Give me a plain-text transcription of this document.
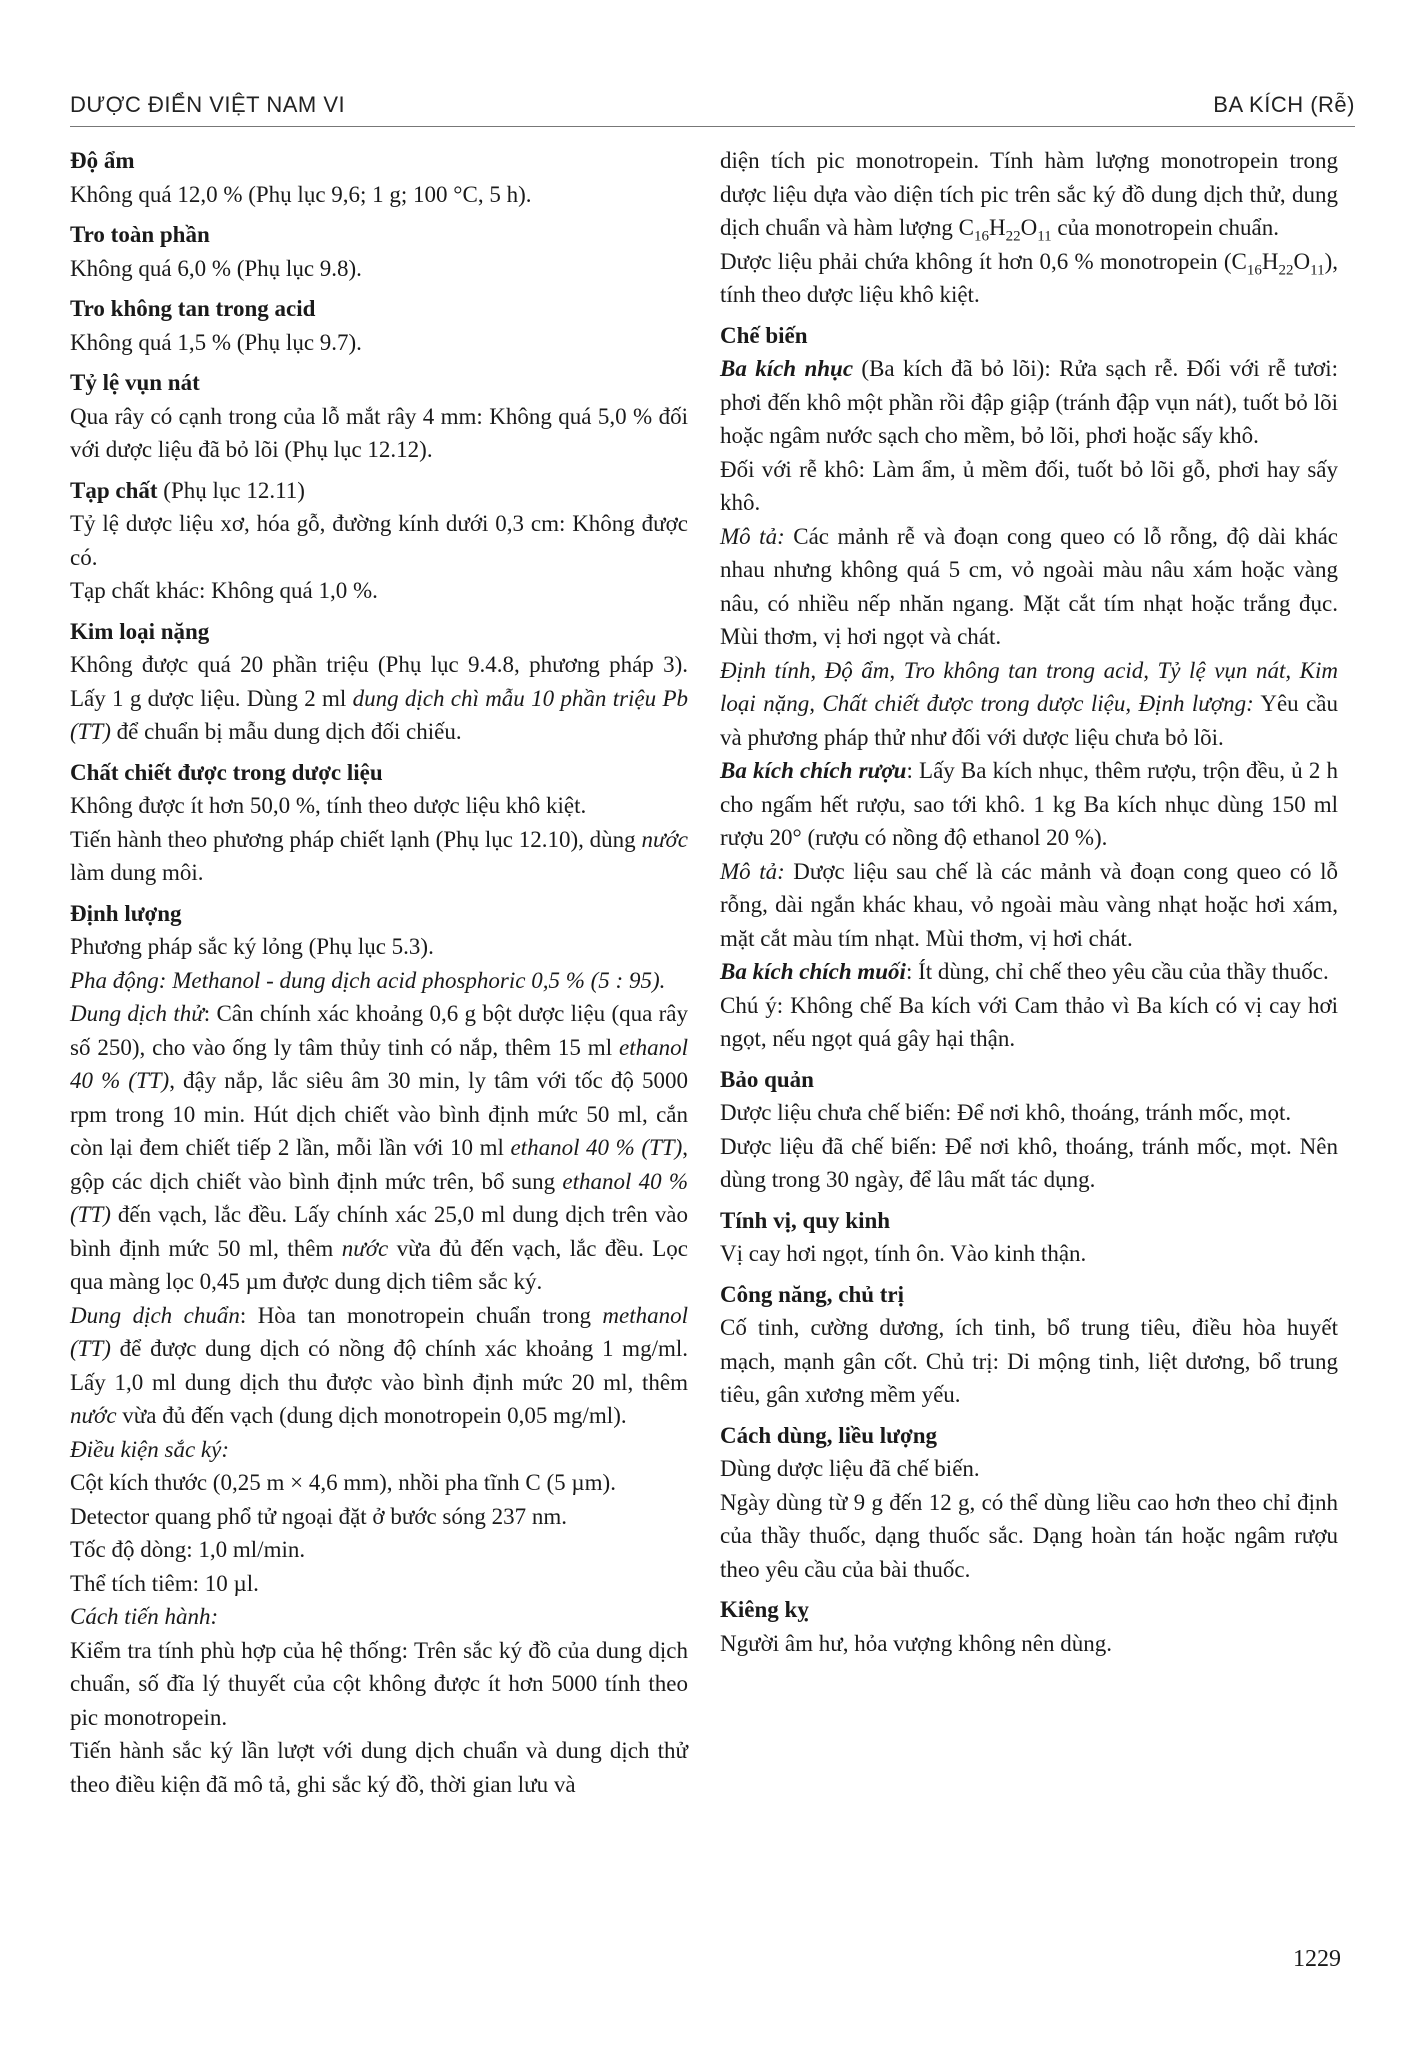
DƯỢC ĐIỂN VIỆT NAM VI	BA KÍCH (Rễ)
Độ ẩm
Không quá 12,0 % (Phụ lục 9,6; 1 g; 100 °C, 5 h).
Tro toàn phần
Không quá 6,0 % (Phụ lục 9.8).
Tro không tan trong acid
Không quá 1,5 % (Phụ lục 9.7).
Tỷ lệ vụn nát
Qua rây có cạnh trong của lỗ mắt rây 4 mm: Không quá 5,0 % đối với dược liệu đã bỏ lõi (Phụ lục 12.12).
Tạp chất (Phụ lục 12.11)
Tỷ lệ dược liệu xơ, hóa gỗ, đường kính dưới 0,3 cm: Không được có.
Tạp chất khác: Không quá 1,0 %.
Kim loại nặng
Không được quá 20 phần triệu (Phụ lục 9.4.8, phương pháp 3). Lấy 1 g dược liệu. Dùng 2 ml dung dịch chì mẫu 10 phần triệu Pb (TT) để chuẩn bị mẫu dung dịch đối chiếu.
Chất chiết được trong dược liệu
Không được ít hơn 50,0 %, tính theo dược liệu khô kiệt.
Tiến hành theo phương pháp chiết lạnh (Phụ lục 12.10), dùng nước làm dung môi.
Định lượng
Phương pháp sắc ký lỏng (Phụ lục 5.3).
Pha động: Methanol - dung dịch acid phosphoric 0,5 % (5 : 95).
Dung dịch thử: Cân chính xác khoảng 0,6 g bột dược liệu (qua rây số 250), cho vào ống ly tâm thủy tinh có nắp, thêm 15 ml ethanol 40 % (TT), đậy nắp, lắc siêu âm 30 min, ly tâm với tốc độ 5000 rpm trong 10 min. Hút dịch chiết vào bình định mức 50 ml, cắn còn lại đem chiết tiếp 2 lần, mỗi lần với 10 ml ethanol 40 % (TT), gộp các dịch chiết vào bình định mức trên, bổ sung ethanol 40 % (TT) đến vạch, lắc đều. Lấy chính xác 25,0 ml dung dịch trên vào bình định mức 50 ml, thêm nước vừa đủ đến vạch, lắc đều. Lọc qua màng lọc 0,45 µm được dung dịch tiêm sắc ký.
Dung dịch chuẩn: Hòa tan monotropein chuẩn trong methanol (TT) để được dung dịch có nồng độ chính xác khoảng 1 mg/ml. Lấy 1,0 ml dung dịch thu được vào bình định mức 20 ml, thêm nước vừa đủ đến vạch (dung dịch monotropein 0,05 mg/ml).
Điều kiện sắc ký:
Cột kích thước (0,25 m × 4,6 mm), nhồi pha tĩnh C (5 µm).
Detector quang phổ tử ngoại đặt ở bước sóng 237 nm.
Tốc độ dòng: 1,0 ml/min.
Thể tích tiêm: 10 µl.
Cách tiến hành:
Kiểm tra tính phù hợp của hệ thống: Trên sắc ký đồ của dung dịch chuẩn, số đĩa lý thuyết của cột không được ít hơn 5000 tính theo pic monotropein.
Tiến hành sắc ký lần lượt với dung dịch chuẩn và dung dịch thử theo điều kiện đã mô tả, ghi sắc ký đồ, thời gian lưu và
diện tích pic monotropein. Tính hàm lượng monotropein trong dược liệu dựa vào diện tích pic trên sắc ký đồ dung dịch thử, dung dịch chuẩn và hàm lượng $C_{16}H_{22}O_{11}$ của monotropein chuẩn.
Dược liệu phải chứa không ít hơn 0,6 % monotropein $(C_{16}H_{22}O_{11})$, tính theo dược liệu khô kiệt.
Chế biến
Ba kích nhục (Ba kích đã bỏ lõi): Rửa sạch rễ. Đối với rễ tươi: phơi đến khô một phần rồi đập giập (tránh đập vụn nát), tuốt bỏ lõi hoặc ngâm nước sạch cho mềm, bỏ lõi, phơi hoặc sấy khô.
Đối với rễ khô: Làm ẩm, ủ mềm đối, tuốt bỏ lõi gỗ, phơi hay sấy khô.
Mô tả: Các mảnh rễ và đoạn cong queo có lỗ rỗng, độ dài khác nhau nhưng không quá 5 cm, vỏ ngoài màu nâu xám hoặc vàng nâu, có nhiều nếp nhăn ngang. Mặt cắt tím nhạt hoặc trắng đục. Mùi thơm, vị hơi ngọt và chát.
Định tính, Độ ẩm, Tro không tan trong acid, Tỷ lệ vụn nát, Kim loại nặng, Chất chiết được trong dược liệu, Định lượng: Yêu cầu và phương pháp thử như đối với dược liệu chưa bỏ lõi.
Ba kích chích rượu: Lấy Ba kích nhục, thêm rượu, trộn đều, ủ 2 h cho ngấm hết rượu, sao tới khô. 1 kg Ba kích nhục dùng 150 ml rượu 20° (rượu có nồng độ ethanol 20 %).
Mô tả: Dược liệu sau chế là các mảnh và đoạn cong queo có lỗ rỗng, dài ngắn khác khau, vỏ ngoài màu vàng nhạt hoặc hơi xám, mặt cắt màu tím nhạt. Mùi thơm, vị hơi chát.
Ba kích chích muối: Ít dùng, chỉ chế theo yêu cầu của thầy thuốc.
Chú ý: Không chế Ba kích với Cam thảo vì Ba kích có vị cay hơi ngọt, nếu ngọt quá gây hại thận.
Bảo quản
Dược liệu chưa chế biến: Để nơi khô, thoáng, tránh mốc, mọt.
Dược liệu đã chế biến: Để nơi khô, thoáng, tránh mốc, mọt. Nên dùng trong 30 ngày, để lâu mất tác dụng.
Tính vị, quy kinh
Vị cay hơi ngọt, tính ôn. Vào kinh thận.
Công năng, chủ trị
Cố tinh, cường dương, ích tinh, bổ trung tiêu, điều hòa huyết mạch, mạnh gân cốt. Chủ trị: Di mộng tinh, liệt dương, bổ trung tiêu, gân xương mềm yếu.
Cách dùng, liều lượng
Dùng dược liệu đã chế biến.
Ngày dùng từ 9 g đến 12 g, có thể dùng liều cao hơn theo chỉ định của thầy thuốc, dạng thuốc sắc. Dạng hoàn tán hoặc ngâm rượu theo yêu cầu của bài thuốc.
Kiêng kỵ
Người âm hư, hỏa vượng không nên dùng.
1229
